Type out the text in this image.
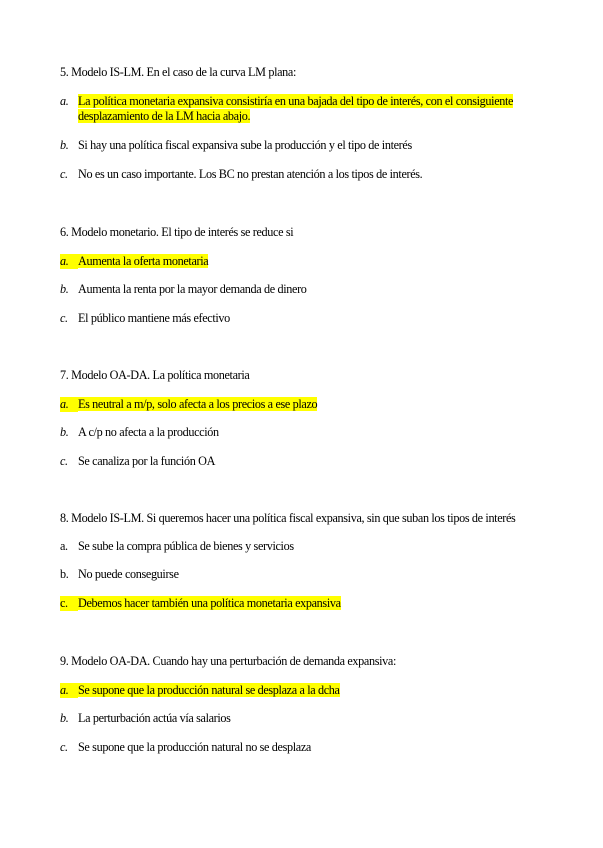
5. Modelo IS-LM. En el caso de la curva LM plana:

a. La política monetaria expansiva consistiría en una bajada del tipo de interés, con el consiguiente
desplazamiento de la LM hacia abajo.
b. Si hay una política fiscal expansiva sube la producción y el tipo de interés
c. No es un caso importante. Los BC no prestan atención a los tipos de interés.

6. Modelo monetario. El tipo de interés se reduce si

a. Aumenta la oferta monetaria
b. Aumenta la renta por la mayor demanda de dinero
c. El público mantiene más efectivo

7. Modelo OA-DA. La política monetaria

a. Es neutral a m/p, solo afecta a los precios a ese plazo
b. A c/p no afecta a la producción
c. Se canaliza por la función OA

8. Modelo IS-LM. Si queremos hacer una política fiscal expansiva, sin que suban los tipos de interés

a. Se sube la compra pública de bienes y servicios
b. No puede conseguirse
c. Debemos hacer también una política monetaria expansiva

9. Modelo OA-DA. Cuando hay una perturbación de demanda expansiva:

a. Se supone que la producción natural se desplaza a la dcha
b. La perturbación actúa vía salarios
c. Se supone que la producción natural no se desplaza
